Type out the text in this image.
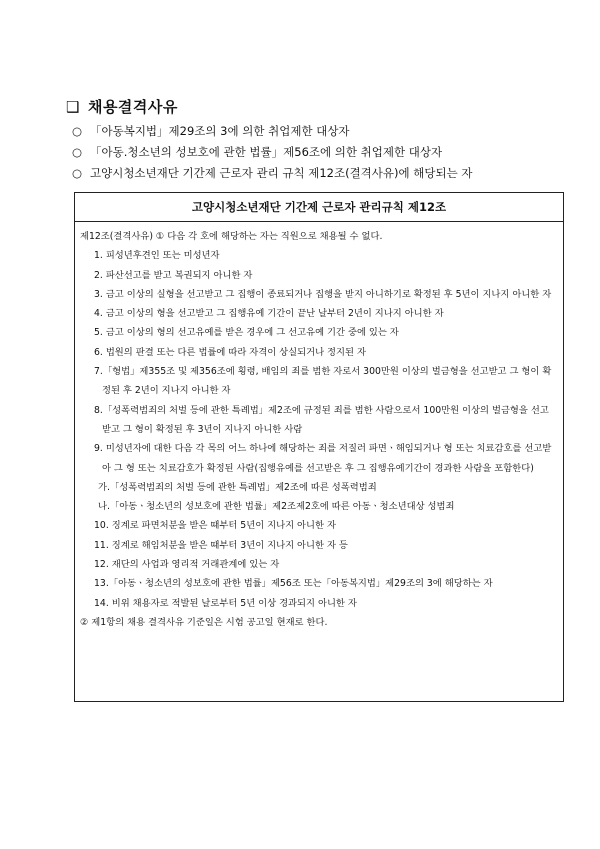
❑ 채용결격사유
○ 「아동복지법」제29조의 3에 의한 취업제한 대상자
○ 「아동.청소년의 성보호에 관한 법률」제56조에 의한 취업제한 대상자
○ 고양시청소년재단 기간제 근로자 관리 규칙 제12조(결격사유)에 해당되는 자
고양시청소년재단 기간제 근로자 관리규칙 제12조
제12조(결격사유) ① 다음 각 호에 해당하는 자는 직원으로 채용될 수 없다.
1. 피성년후견인 또는 미성년자
2. 파산선고를 받고 복권되지 아니한 자
3. 금고 이상의 실형을 선고받고 그 집행이 종료되거나 집행을 받지 아니하기로 확정된 후 5년이 지나지 아니한 자
4. 금고 이상의 형을 선고받고 그 집행유예 기간이 끝난 날부터 2년이 지나지 아니한 자
5. 금고 이상의 형의 선고유예를 받은 경우에 그 선고유예 기간 중에 있는 자
6. 법원의 판결 또는 다른 법률에 따라 자격이 상실되거나 정지된 자
7.「형법」제355조 및 제356조에 횡령, 배임의 죄를 범한 자로서 300만원 이상의 벌금형을 선고받고 그 형이 확정된 후 2년이 지나지 아니한 자
8.「성폭력범죄의 처벌 등에 관한 특례법」제2조에 규정된 죄를 범한 사람으로서 100만원 이상의 벌금형을 선고받고 그 형이 확정된 후 3년이 지나지 아니한 사람
9. 미성년자에 대한 다음 각 목의 어느 하나에 해당하는 죄를 저질러 파면ㆍ해임되거나 형 또는 치료감호를 선고받아 그 형 또는 치료감호가 확정된 사람(집행유예를 선고받은 후 그 집행유예기간이 경과한 사람을 포함한다)
가.「성폭력범죄의 처벌 등에 관한 특례법」제2조에 따른 성폭력범죄
나.「아동ㆍ청소년의 성보호에 관한 법률」제2조제2호에 따른 아동ㆍ청소년대상 성범죄
10. 징계로 파면처분을 받은 때부터 5년이 지나지 아니한 자
11. 징계로 해임처분을 받은 때부터 3년이 지나지 아니한 자 등
12. 재단의 사업과 영리적 거래관계에 있는 자
13.「아동ㆍ청소년의 성보호에 관한 법률」제56조 또는「아동복지법」제29조의 3에 해당하는 자
14. 비위 채용자로 적발된 날로부터 5년 이상 경과되지 아니한 자
② 제1항의 채용 결격사유 기준일은 시험 공고일 현재로 한다.
